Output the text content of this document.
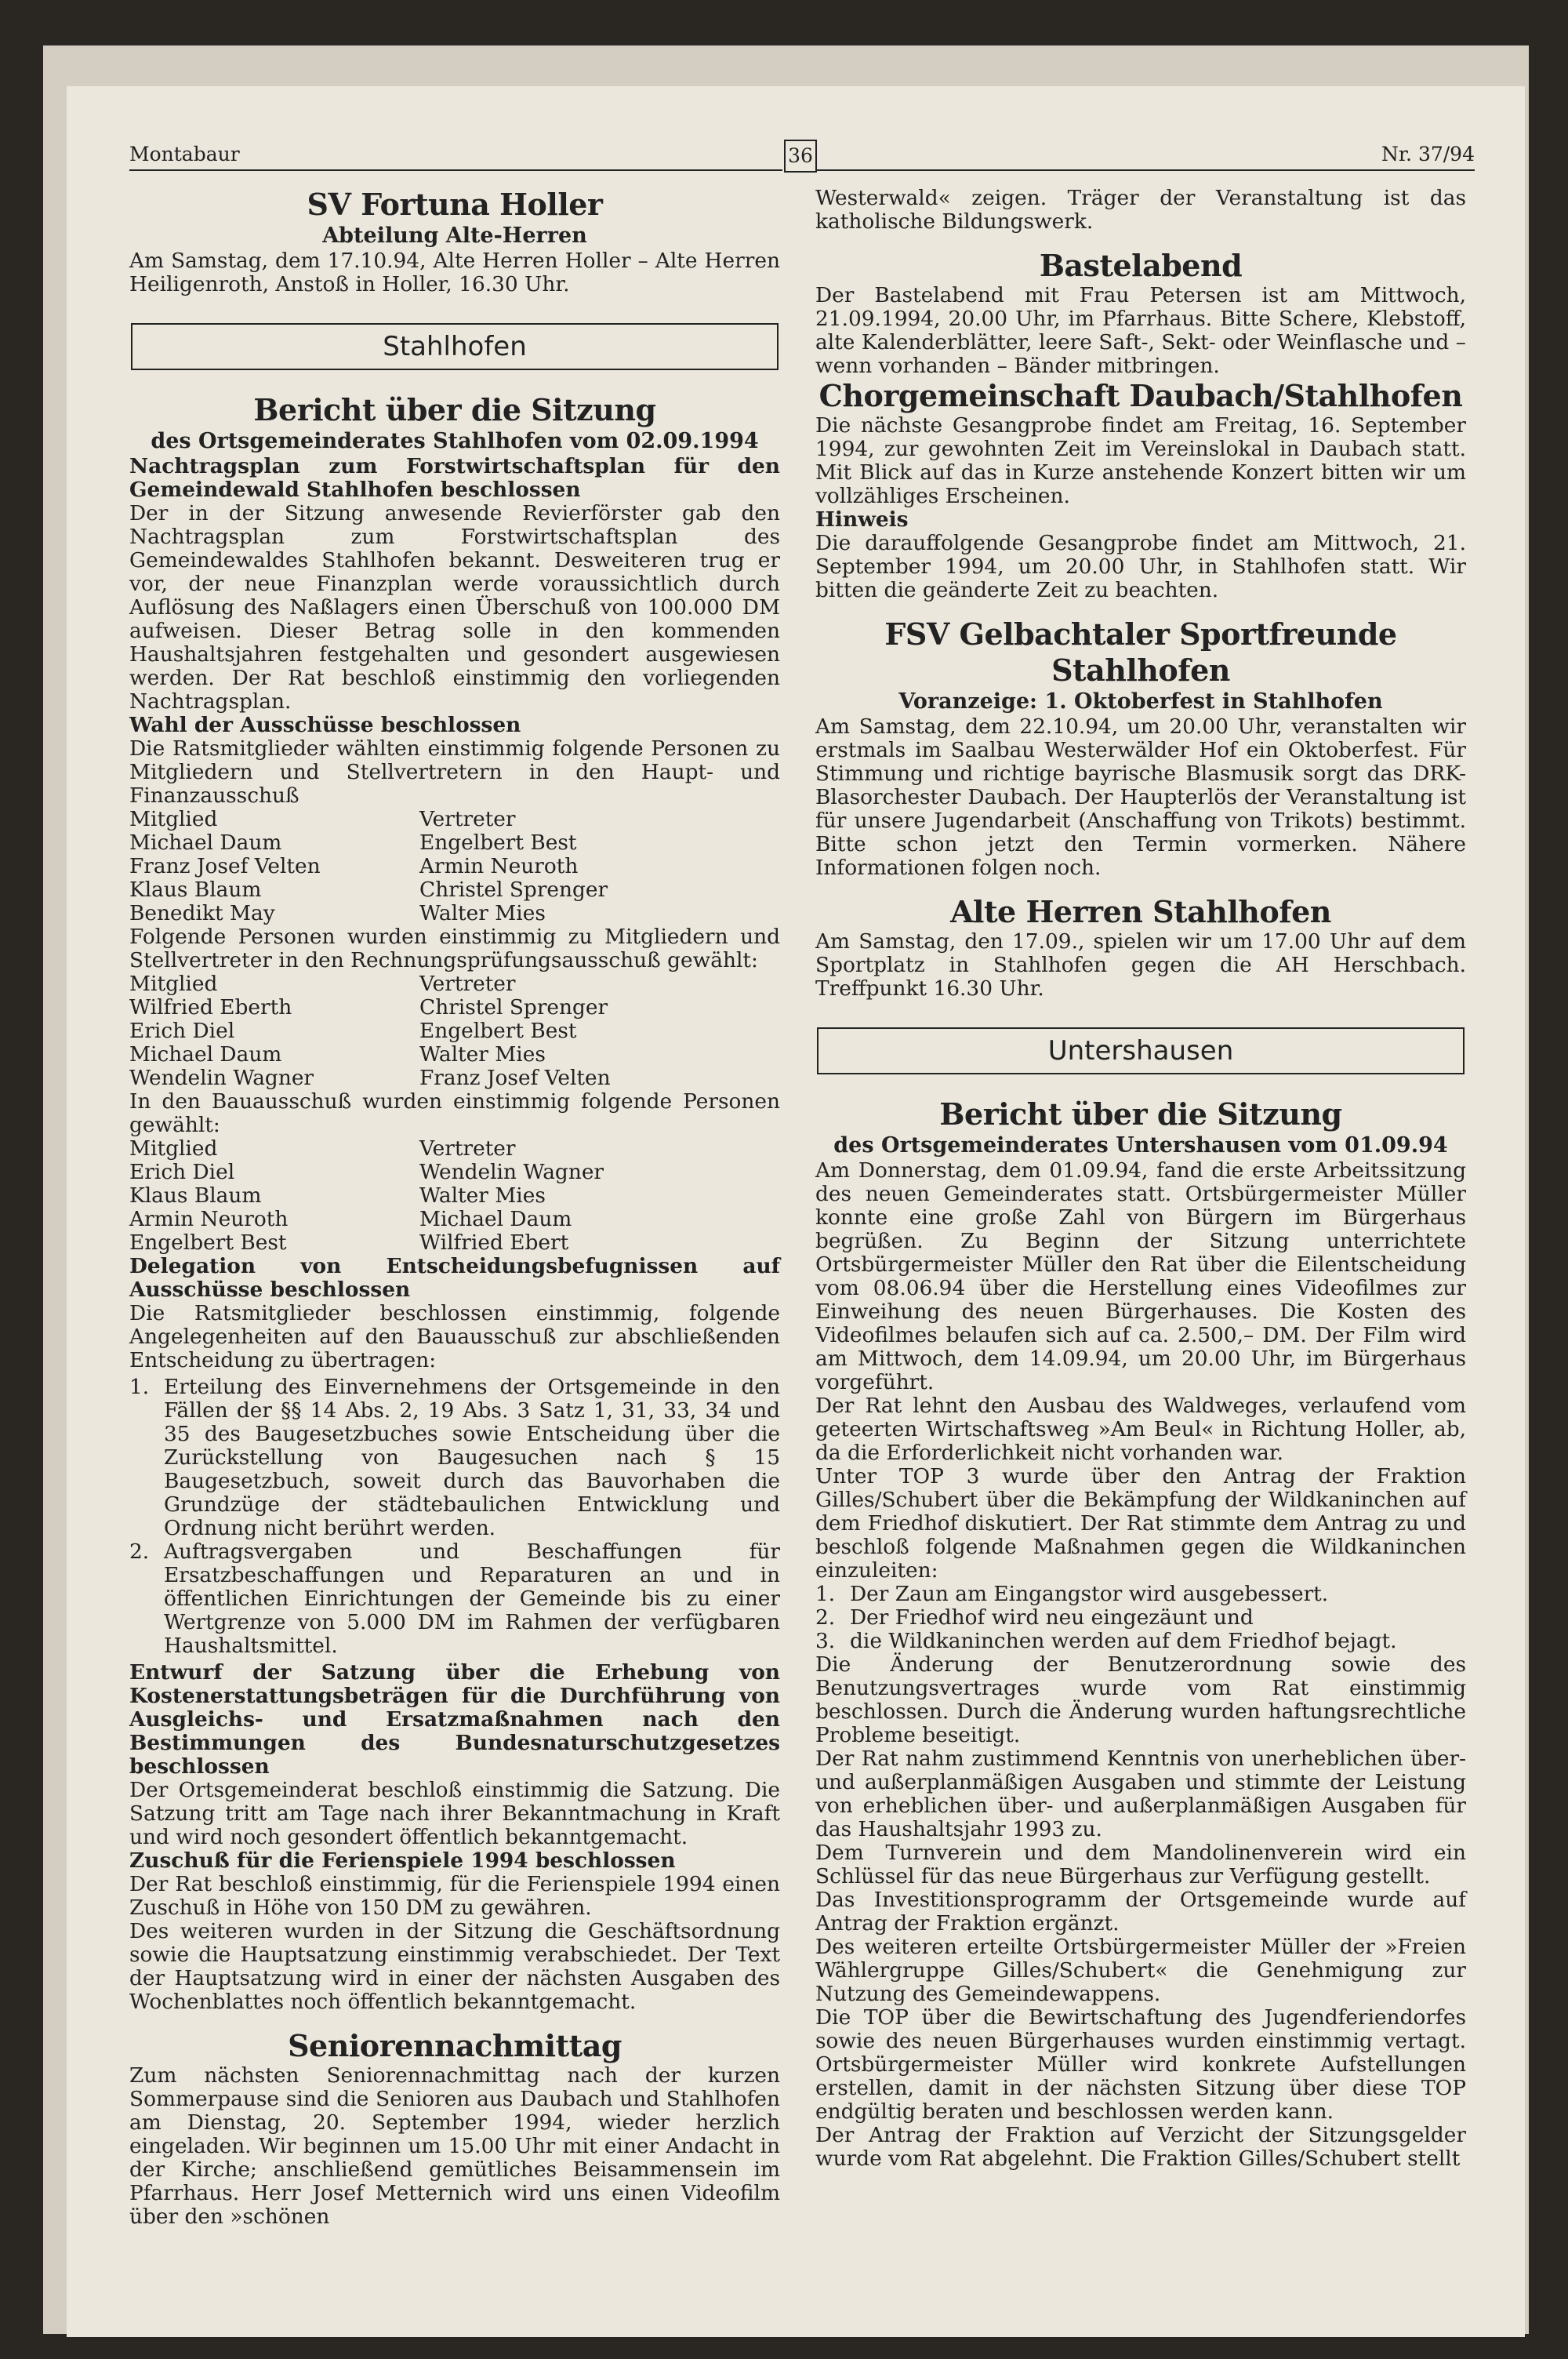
Montabaur	36	Nr. 37/94

SV Fortuna Holler

Abteilung Alte-Herren

Am Samstag, dem 17.10.94, Alte Herren Holler – Alte Herren Heiligenroth, Anstoß in Holler, 16.30 Uhr.

Stahlhofen

Bericht über die Sitzung

des Ortsgemeinderates Stahlhofen vom 02.09.1994

Nachtragsplan zum Forstwirtschaftsplan für den Gemeindewald Stahlhofen beschlossen

Der in der Sitzung anwesende Revierförster gab den Nachtragsplan zum Forstwirtschaftsplan des Gemeindewaldes Stahlhofen bekannt. Desweiteren trug er vor, der neue Finanzplan werde voraussichtlich durch Auflösung des Naßlagers einen Überschuß von 100.000 DM aufweisen. Dieser Betrag solle in den kommenden Haushaltsjahren festgehalten und gesondert ausgewiesen werden. Der Rat beschloß einstimmig den vorliegenden Nachtragsplan.

Wahl der Ausschüsse beschlossen

Die Ratsmitglieder wählten einstimmig folgende Personen zu Mitgliedern und Stellvertretern in den Haupt- und Finanzausschuß

Mitglied	Vertreter
Michael Daum	Engelbert Best
Franz Josef Velten	Armin Neuroth
Klaus Blaum	Christel Sprenger
Benedikt May	Walter Mies

Folgende Personen wurden einstimmig zu Mitgliedern und Stellvertreter in den Rechnungsprüfungsausschuß gewählt:

Mitglied	Vertreter
Wilfried Eberth	Christel Sprenger
Erich Diel	Engelbert Best
Michael Daum	Walter Mies
Wendelin Wagner	Franz Josef Velten

In den Bauausschuß wurden einstimmig folgende Personen gewählt:

Mitglied	Vertreter
Erich Diel	Wendelin Wagner
Klaus Blaum	Walter Mies
Armin Neuroth	Michael Daum
Engelbert Best	Wilfried Ebert

Delegation von Entscheidungsbefugnissen auf Ausschüsse beschlossen

Die Ratsmitglieder beschlossen einstimmig, folgende Angelegenheiten auf den Bauausschuß zur abschließenden Entscheidung zu übertragen:

1. Erteilung des Einvernehmens der Ortsgemeinde in den Fällen der §§ 14 Abs. 2, 19 Abs. 3 Satz 1, 31, 33, 34 und 35 des Baugesetzbuches sowie Entscheidung über die Zurückstellung von Baugesuchen nach § 15 Baugesetzbuch, soweit durch das Bauvorhaben die Grundzüge der städtebaulichen Entwicklung und Ordnung nicht berührt werden.
2. Auftragsvergaben und Beschaffungen für Ersatzbeschaffungen und Reparaturen an und in öffentlichen Einrichtungen der Gemeinde bis zu einer Wertgrenze von 5.000 DM im Rahmen der verfügbaren Haushaltsmittel.

Entwurf der Satzung über die Erhebung von Kostenerstattungsbeträgen für die Durchführung von Ausgleichs- und Ersatzmaßnahmen nach den Bestimmungen des Bundesnaturschutzgesetzes beschlossen

Der Ortsgemeinderat beschloß einstimmig die Satzung. Die Satzung tritt am Tage nach ihrer Bekanntmachung in Kraft und wird noch gesondert öffentlich bekanntgemacht.

Zuschuß für die Ferienspiele 1994 beschlossen

Der Rat beschloß einstimmig, für die Ferienspiele 1994 einen Zuschuß in Höhe von 150 DM zu gewähren.

Des weiteren wurden in der Sitzung die Geschäftsordnung sowie die Hauptsatzung einstimmig verabschiedet. Der Text der Hauptsatzung wird in einer der nächsten Ausgaben des Wochenblattes noch öffentlich bekanntgemacht.

Seniorennachmittag

Zum nächsten Seniorennachmittag nach der kurzen Sommerpause sind die Senioren aus Daubach und Stahlhofen am Dienstag, 20. September 1994, wieder herzlich eingeladen. Wir beginnen um 15.00 Uhr mit einer Andacht in der Kirche; anschließend gemütliches Beisammensein im Pfarrhaus. Herr Josef Metternich wird uns einen Videofilm über den »schönen

Westerwald« zeigen. Träger der Veranstaltung ist das katholische Bildungswerk.

Bastelabend

Der Bastelabend mit Frau Petersen ist am Mittwoch, 21.09.1994, 20.00 Uhr, im Pfarrhaus. Bitte Schere, Klebstoff, alte Kalenderblätter, leere Saft-, Sekt- oder Weinflasche und – wenn vorhanden – Bänder mitbringen.

Chorgemeinschaft Daubach/Stahlhofen

Die nächste Gesangprobe findet am Freitag, 16. September 1994, zur gewohnten Zeit im Vereinslokal in Daubach statt. Mit Blick auf das in Kurze anstehende Konzert bitten wir um vollzähliges Erscheinen.

Hinweis

Die darauffolgende Gesangprobe findet am Mittwoch, 21. September 1994, um 20.00 Uhr, in Stahlhofen statt. Wir bitten die geänderte Zeit zu beachten.

FSV Gelbachtaler Sportfreunde Stahlhofen

Voranzeige: 1. Oktoberfest in Stahlhofen

Am Samstag, dem 22.10.94, um 20.00 Uhr, veranstalten wir erstmals im Saalbau Westerwälder Hof ein Oktoberfest. Für Stimmung und richtige bayrische Blasmusik sorgt das DRK-Blasorchester Daubach. Der Haupterlös der Veranstaltung ist für unsere Jugendarbeit (Anschaffung von Trikots) bestimmt. Bitte schon jetzt den Termin vormerken. Nähere Informationen folgen noch.

Alte Herren Stahlhofen

Am Samstag, den 17.09., spielen wir um 17.00 Uhr auf dem Sportplatz in Stahlhofen gegen die AH Herschbach. Treffpunkt 16.30 Uhr.

Untershausen

Bericht über die Sitzung

des Ortsgemeinderates Untershausen vom 01.09.94

Am Donnerstag, dem 01.09.94, fand die erste Arbeitssitzung des neuen Gemeinderates statt. Ortsbürgermeister Müller konnte eine große Zahl von Bürgern im Bürgerhaus begrüßen. Zu Beginn der Sitzung unterrichtete Ortsbürgermeister Müller den Rat über die Eilentscheidung vom 08.06.94 über die Herstellung eines Videofilmes zur Einweihung des neuen Bürgerhauses. Die Kosten des Videofilmes belaufen sich auf ca. 2.500,– DM. Der Film wird am Mittwoch, dem 14.09.94, um 20.00 Uhr, im Bürgerhaus vorgeführt.

Der Rat lehnt den Ausbau des Waldweges, verlaufend vom geteerten Wirtschaftsweg »Am Beul« in Richtung Holler, ab, da die Erforderlichkeit nicht vorhanden war.

Unter TOP 3 wurde über den Antrag der Fraktion Gilles/Schubert über die Bekämpfung der Wildkaninchen auf dem Friedhof diskutiert. Der Rat stimmte dem Antrag zu und beschloß folgende Maßnahmen gegen die Wildkaninchen einzuleiten:

1. Der Zaun am Eingangstor wird ausgebessert.
2. Der Friedhof wird neu eingezäunt und
3. die Wildkaninchen werden auf dem Friedhof bejagt.

Die Änderung der Benutzerordnung sowie des Benutzungsvertrages wurde vom Rat einstimmig beschlossen. Durch die Änderung wurden haftungsrechtliche Probleme beseitigt.

Der Rat nahm zustimmend Kenntnis von unerheblichen über- und außerplanmäßigen Ausgaben und stimmte der Leistung von erheblichen über- und außerplanmäßigen Ausgaben für das Haushaltsjahr 1993 zu.

Dem Turnverein und dem Mandolinenverein wird ein Schlüssel für das neue Bürgerhaus zur Verfügung gestellt.

Das Investitionsprogramm der Ortsgemeinde wurde auf Antrag der Fraktion ergänzt.

Des weiteren erteilte Ortsbürgermeister Müller der »Freien Wählergruppe Gilles/Schubert« die Genehmigung zur Nutzung des Gemeindewappens.

Die TOP über die Bewirtschaftung des Jugendferiendorfes sowie des neuen Bürgerhauses wurden einstimmig vertagt. Ortsbürgermeister Müller wird konkrete Aufstellungen erstellen, damit in der nächsten Sitzung über diese TOP endgültig beraten und beschlossen werden kann.

Der Antrag der Fraktion auf Verzicht der Sitzungsgelder wurde vom Rat abgelehnt. Die Fraktion Gilles/Schubert stellt
